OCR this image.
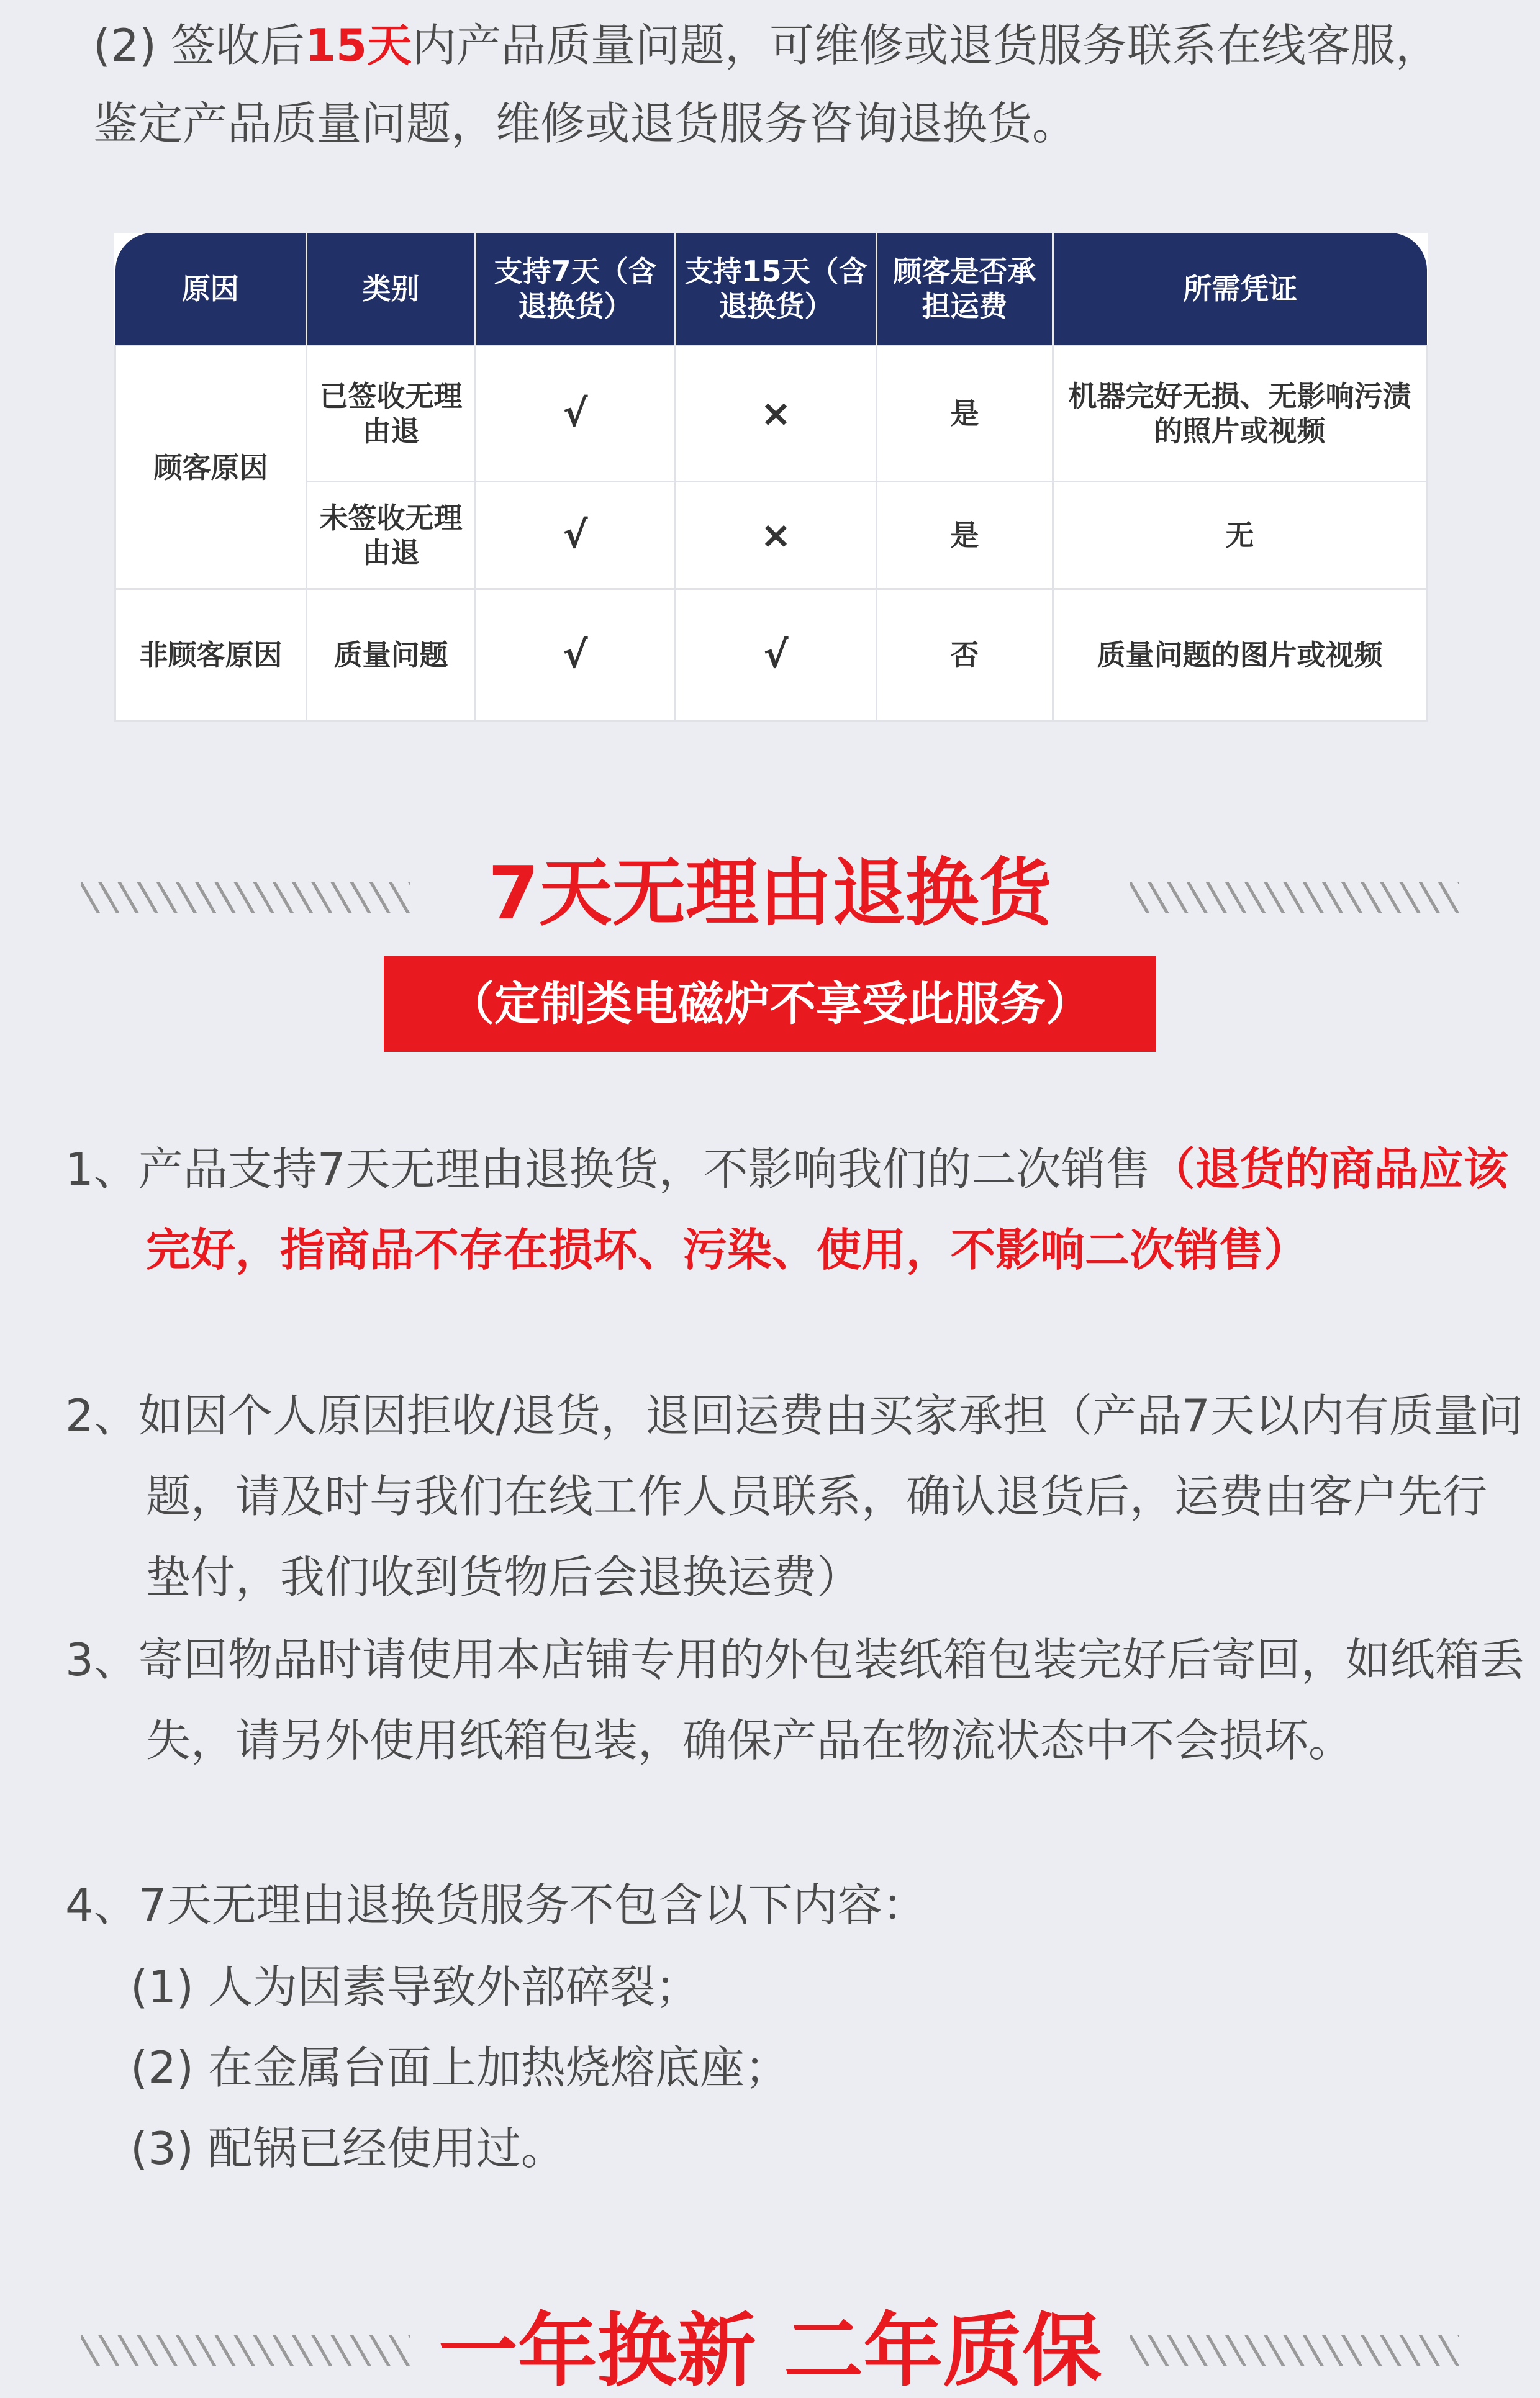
(2) 签收后15天内产品质量问题，可维修或退货服务联系在线客服，鉴定产品质量问题，维修或退货服务咨询退换货。
原因	类别	支持7天（含退换货）	支持15天（含退换货）	顾客是否承担运费	所需凭证
顾客原因	已签收无理由退	√	×	是	机器完好无损、无影响污渍的照片或视频
	未签收无理由退	√	×	是	无
非顾客原因	质量问题	√	√	否	质量问题的图片或视频
7天无理由退换货
（定制类电磁炉不享受此服务）
1、产品支持7天无理由退换货，不影响我们的二次销售（退货的商品应该完好，指商品不存在损坏、污染、使用，不影响二次销售）
2、如因个人原因拒收/退货，退回运费由买家承担（产品7天以内有质量问题，请及时与我们在线工作人员联系，确认退货后，运费由客户先行垫付，我们收到货物后会退换运费）
3、寄回物品时请使用本店铺专用的外包装纸箱包装完好后寄回，如纸箱丢失，请另外使用纸箱包装，确保产品在物流状态中不会损坏。
4、7天无理由退换货服务不包含以下内容：
(1) 人为因素导致外部碎裂；
(2) 在金属台面上加热烧熔底座；
(3) 配锅已经使用过。
一年换新 二年质保
